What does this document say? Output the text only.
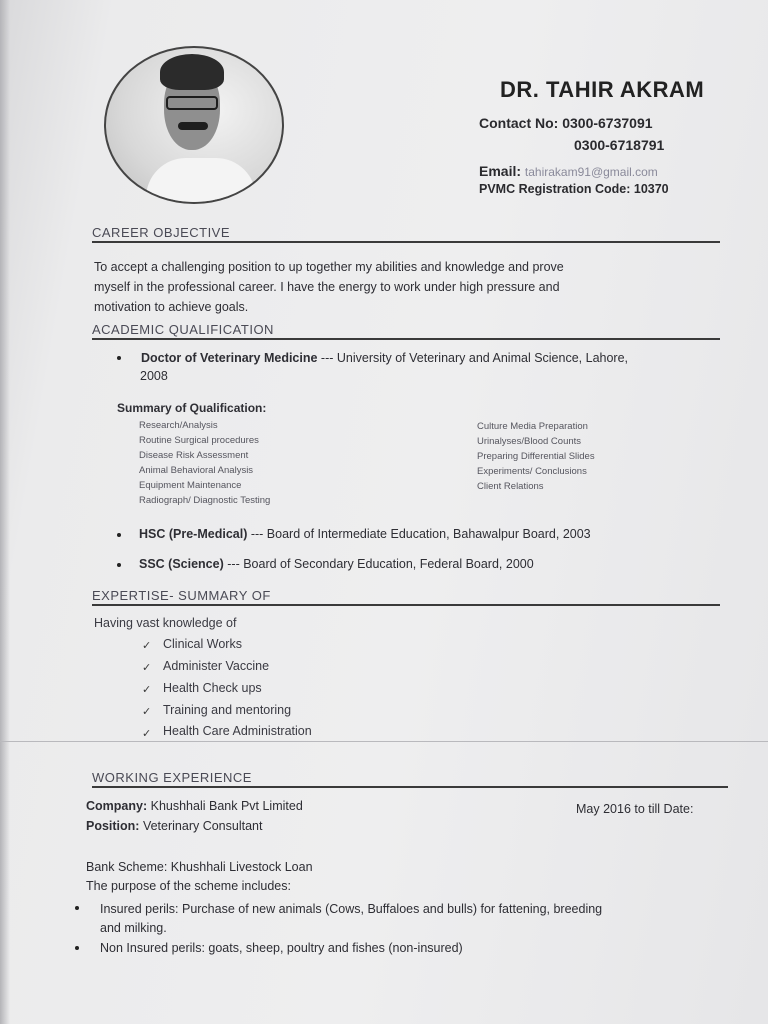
DR. TAHIR AKRAM
Contact No: 0300-6737091
0300-6718791
Email: tahirakam91@gmail.com
PVMC Registration Code: 10370
CAREER OBJECTIVE
To accept a challenging position to up together my abilities and knowledge and prove
myself in the professional career. I have the energy to work under high pressure and
motivation to achieve goals.
ACADEMIC QUALIFICATION
Doctor of Veterinary Medicine --- University of Veterinary and Animal Science, Lahore,
2008
Summary of Qualification:
Research/Analysis
Routine Surgical procedures
Disease Risk Assessment
Animal Behavioral Analysis
Equipment Maintenance
Radiograph/ Diagnostic Testing
Culture Media Preparation
Urinalyses/Blood Counts
Preparing Differential Slides
Experiments/ Conclusions
Client Relations
HSC (Pre-Medical) --- Board of Intermediate Education, Bahawalpur Board, 2003
SSC (Science) --- Board of Secondary Education, Federal Board, 2000
EXPERTISE- SUMMARY OF
Having vast knowledge of
✓ Clinical Works
✓ Administer Vaccine
✓ Health Check ups
✓ Training and mentoring
✓ Health Care Administration
WORKING EXPERIENCE
Company: Khushhali Bank Pvt Limited	May 2016 to till Date:
Position: Veterinary Consultant
Bank Scheme: Khushhali Livestock Loan
The purpose of the scheme includes:
Insured perils: Purchase of new animals (Cows, Buffaloes and bulls) for fattening, breeding
and milking.
Non Insured perils: goats, sheep, poultry and fishes (non-insured)
